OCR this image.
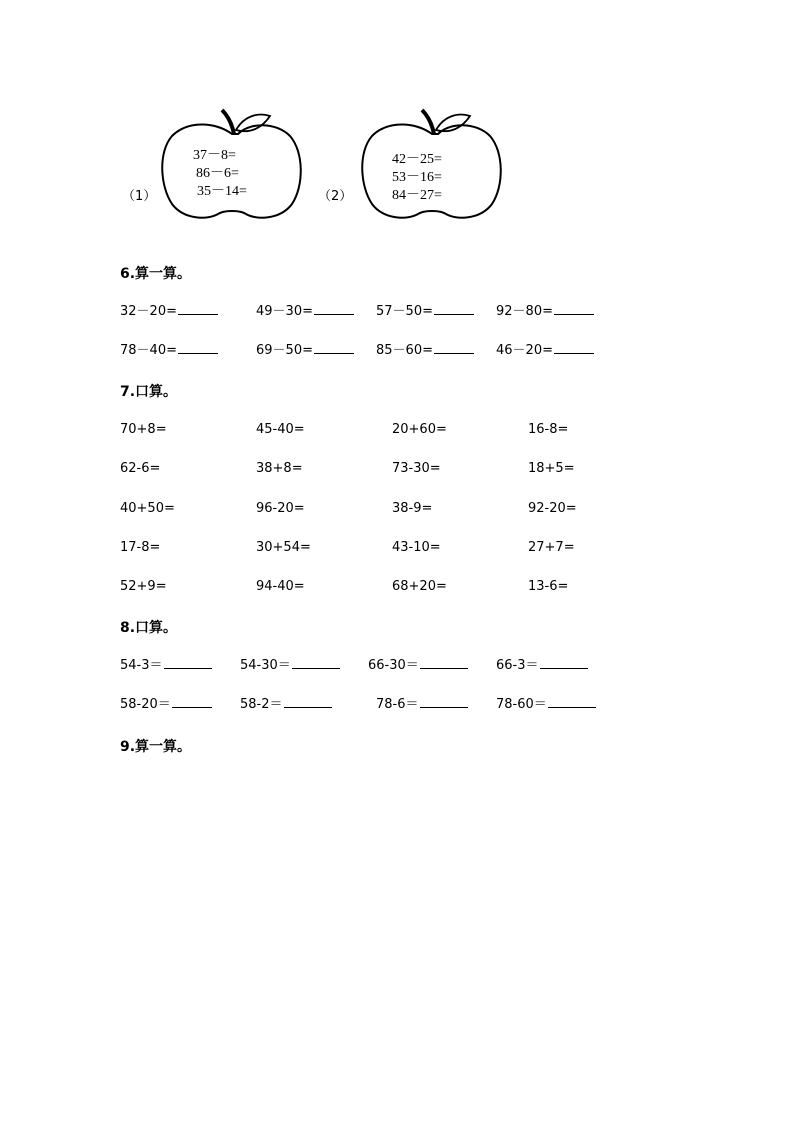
（1）
37－8=
86－6=
35－14=	（2）
42－25=
53－16=
84－27=
6.算一算。
32－20=	49－30=	57－50=	92－80=
78－40=	69－50=	85－60=	46－20=
7.口算。
70+8=	45-40=	20+60=	16-8=
62-6=	38+8=	73-30=	18+5=
40+50=	96-20=	38-9=	92-20=
17-8=	30+54=	43-10=	27+7=
52+9=	94-40=	68+20=	13-6=
8.口算。
54-3＝	54-30＝	66-30＝	66-3＝
58-20＝	58-2＝	78-6＝	78-60＝
9.算一算。
